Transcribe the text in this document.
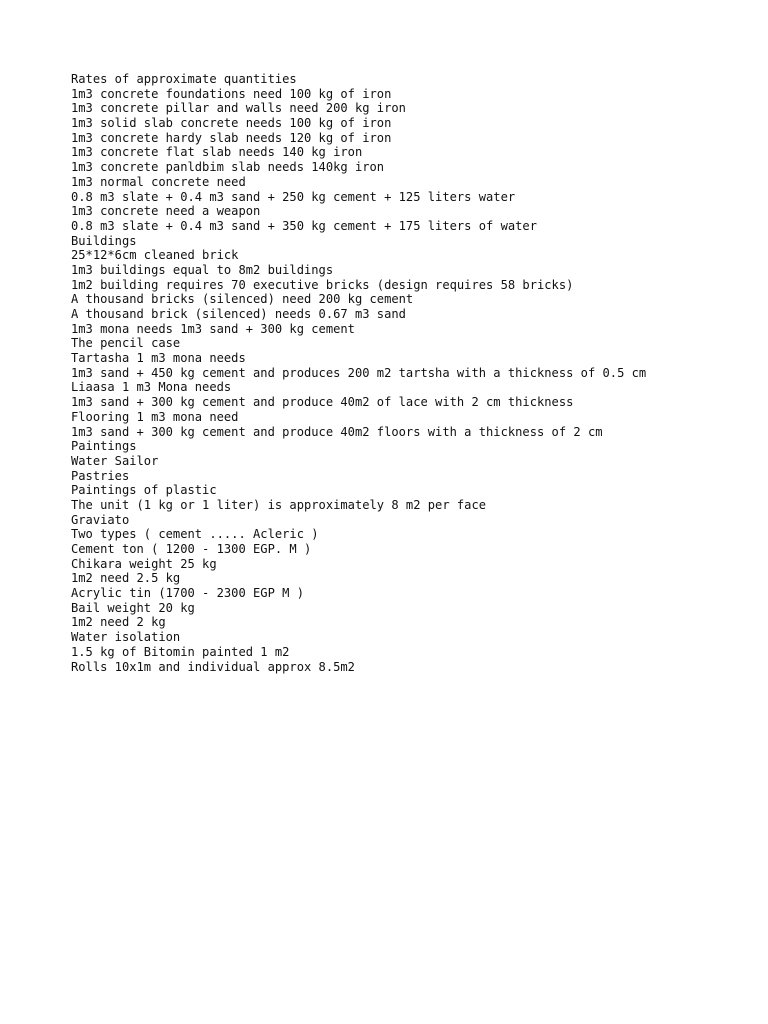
Rates of approximate quantities
1m3 concrete foundations need 100 kg of iron
1m3 concrete pillar and walls need 200 kg iron
1m3 solid slab concrete needs 100 kg of iron
1m3 concrete hardy slab needs 120 kg of iron
1m3 concrete flat slab needs 140 kg iron
1m3 concrete panldbim slab needs 140kg iron
1m3 normal concrete need
0.8 m3 slate + 0.4 m3 sand + 250 kg cement + 125 liters water
1m3 concrete need a weapon
0.8 m3 slate + 0.4 m3 sand + 350 kg cement + 175 liters of water
Buildings
25*12*6cm cleaned brick
1m3 buildings equal to 8m2 buildings
1m2 building requires 70 executive bricks (design requires 58 bricks)
A thousand bricks (silenced) need 200 kg cement
A thousand brick (silenced) needs 0.67 m3 sand
1m3 mona needs 1m3 sand + 300 kg cement
The pencil case
Tartasha 1 m3 mona needs
1m3 sand + 450 kg cement and produces 200 m2 tartsha with a thickness of 0.5 cm
Liaasa 1 m3 Mona needs
1m3 sand + 300 kg cement and produce 40m2 of lace with 2 cm thickness
Flooring 1 m3 mona need
1m3 sand + 300 kg cement and produce 40m2 floors with a thickness of 2 cm
Paintings
Water Sailor
Pastries
Paintings of plastic
The unit (1 kg or 1 liter) is approximately 8 m2 per face
Graviato
Two types ( cement ..... Acleric )
Cement ton ( 1200 - 1300 EGP. M )
Chikara weight 25 kg
1m2 need 2.5 kg
Acrylic tin (1700 - 2300 EGP M )
Bail weight 20 kg
1m2 need 2 kg
Water isolation
1.5 kg of Bitomin painted 1 m2
Rolls 10x1m and individual approx 8.5m2
